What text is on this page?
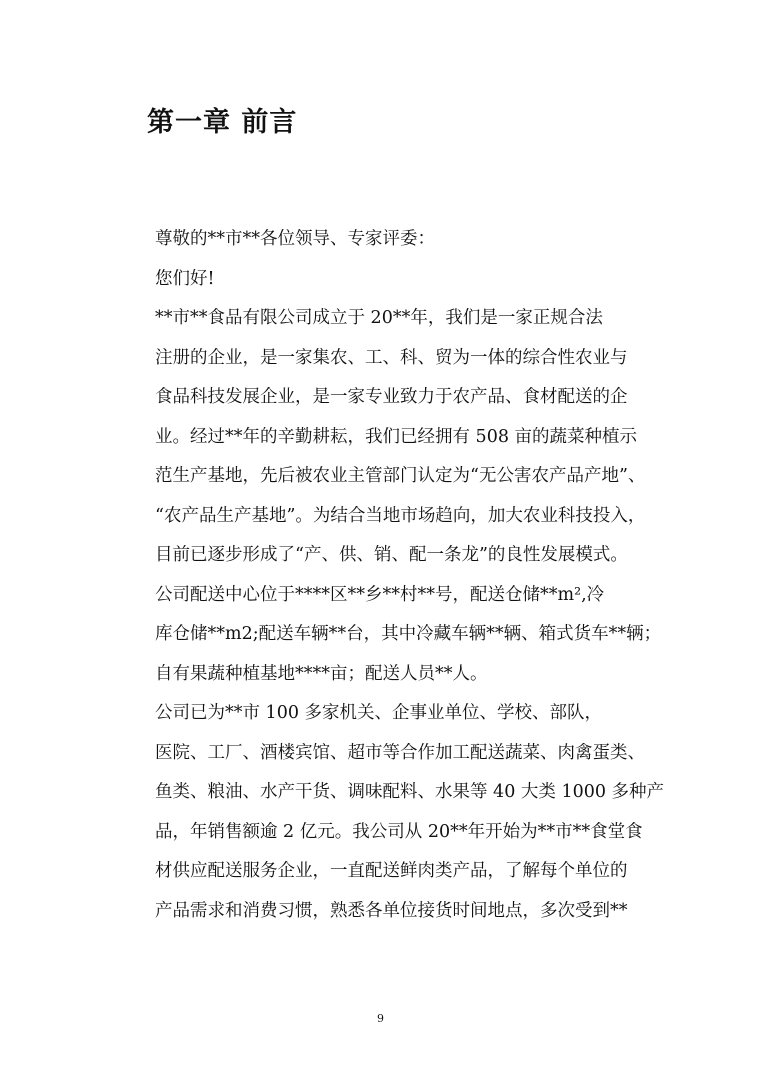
第一章 前言

尊敬的**市**各位领导、专家评委：

您们好!

**市**食品有限公司成立于 20**年，我们是一家正规合法
注册的企业，是一家集农、工、科、贸为一体的综合性农业与
食品科技发展企业，是一家专业致力于农产品、食材配送的企
业。经过**年的辛勤耕耘，我们已经拥有 508 亩的蔬菜种植示
范生产基地，先后被农业主管部门认定为“无公害农产品产地”、
“农产品生产基地”。为结合当地市场趋向，加大农业科技投入，
目前已逐步形成了“产、供、销、配一条龙”的良性发展模式。

公司配送中心位于****区**乡**村**号，配送仓储**m²,冷
库仓储**m2;配送车辆**台，其中冷藏车辆**辆、箱式货车**辆；
自有果蔬种植基地****亩；配送人员**人。

公司已为**市 100 多家机关、企事业单位、学校、部队，
医院、工厂、酒楼宾馆、超市等合作加工配送蔬菜、肉禽蛋类、
鱼类、粮油、水产干货、调味配料、水果等 40 大类 1000 多种产
品，年销售额逾 2 亿元。我公司从 20**年开始为**市**食堂食
材供应配送服务企业，一直配送鲜肉类产品，了解每个单位的
产品需求和消费习惯，熟悉各单位接货时间地点，多次受到**

9
